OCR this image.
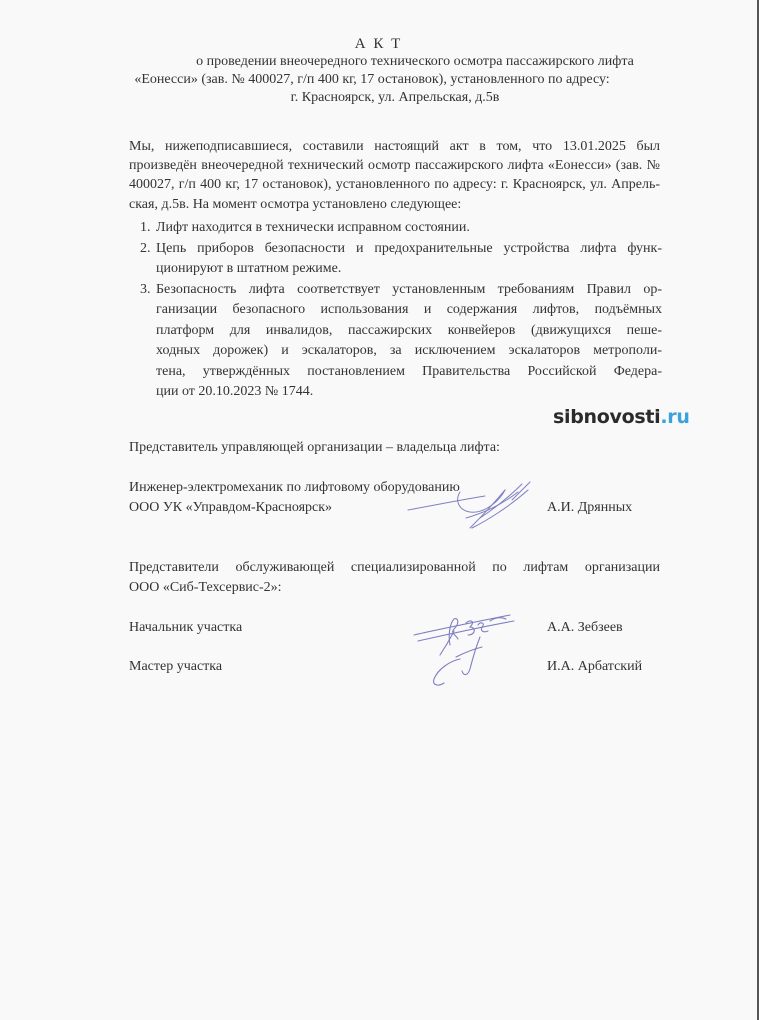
А К Т
о проведении внеочередного технического осмотра пассажирского лифта
«Еонесси» (зав. № 400027, г/п 400 кг, 17 остановок), установленного по адресу:
г. Красноярск, ул. Апрельская, д.5в
Мы, нижеподписавшиеся, составили настоящий акт в том, что 13.01.2025 был
произведён внеочередной технический осмотр пассажирского лифта «Еонесси» (зав. №
400027, г/п 400 кг, 17 остановок), установленного по адресу: г. Красноярск, ул. Апрель-
ская, д.5в. На момент осмотра установлено следующее:
1. Лифт находится в технически исправном состоянии.
2. Цепь приборов безопасности и предохранительные устройства лифта функ-
ционируют в штатном режиме.
3. Безопасность лифта соответствует установленным требованиям Правил ор-
ганизации безопасного использования и содержания лифтов, подъёмных
платформ для инвалидов, пассажирских конвейеров (движущихся пеше-
ходных дорожек) и эскалаторов, за исключением эскалаторов метрополи-
тена, утверждённых постановлением Правительства Российской Федера-
ции от 20.10.2023 № 1744.
sibnovosti.ru
Представитель управляющей организации – владельца лифта:
Инженер-электромеханик по лифтовому оборудованию
ООО УК «Управдом-Красноярск»	А.И. Дрянных
Представители обслуживающей специализированной по лифтам организации
ООО «Сиб-Техсервис-2»:
Начальник участка	А.А. Зебзеев
Мастер участка	И.А. Арбатский
